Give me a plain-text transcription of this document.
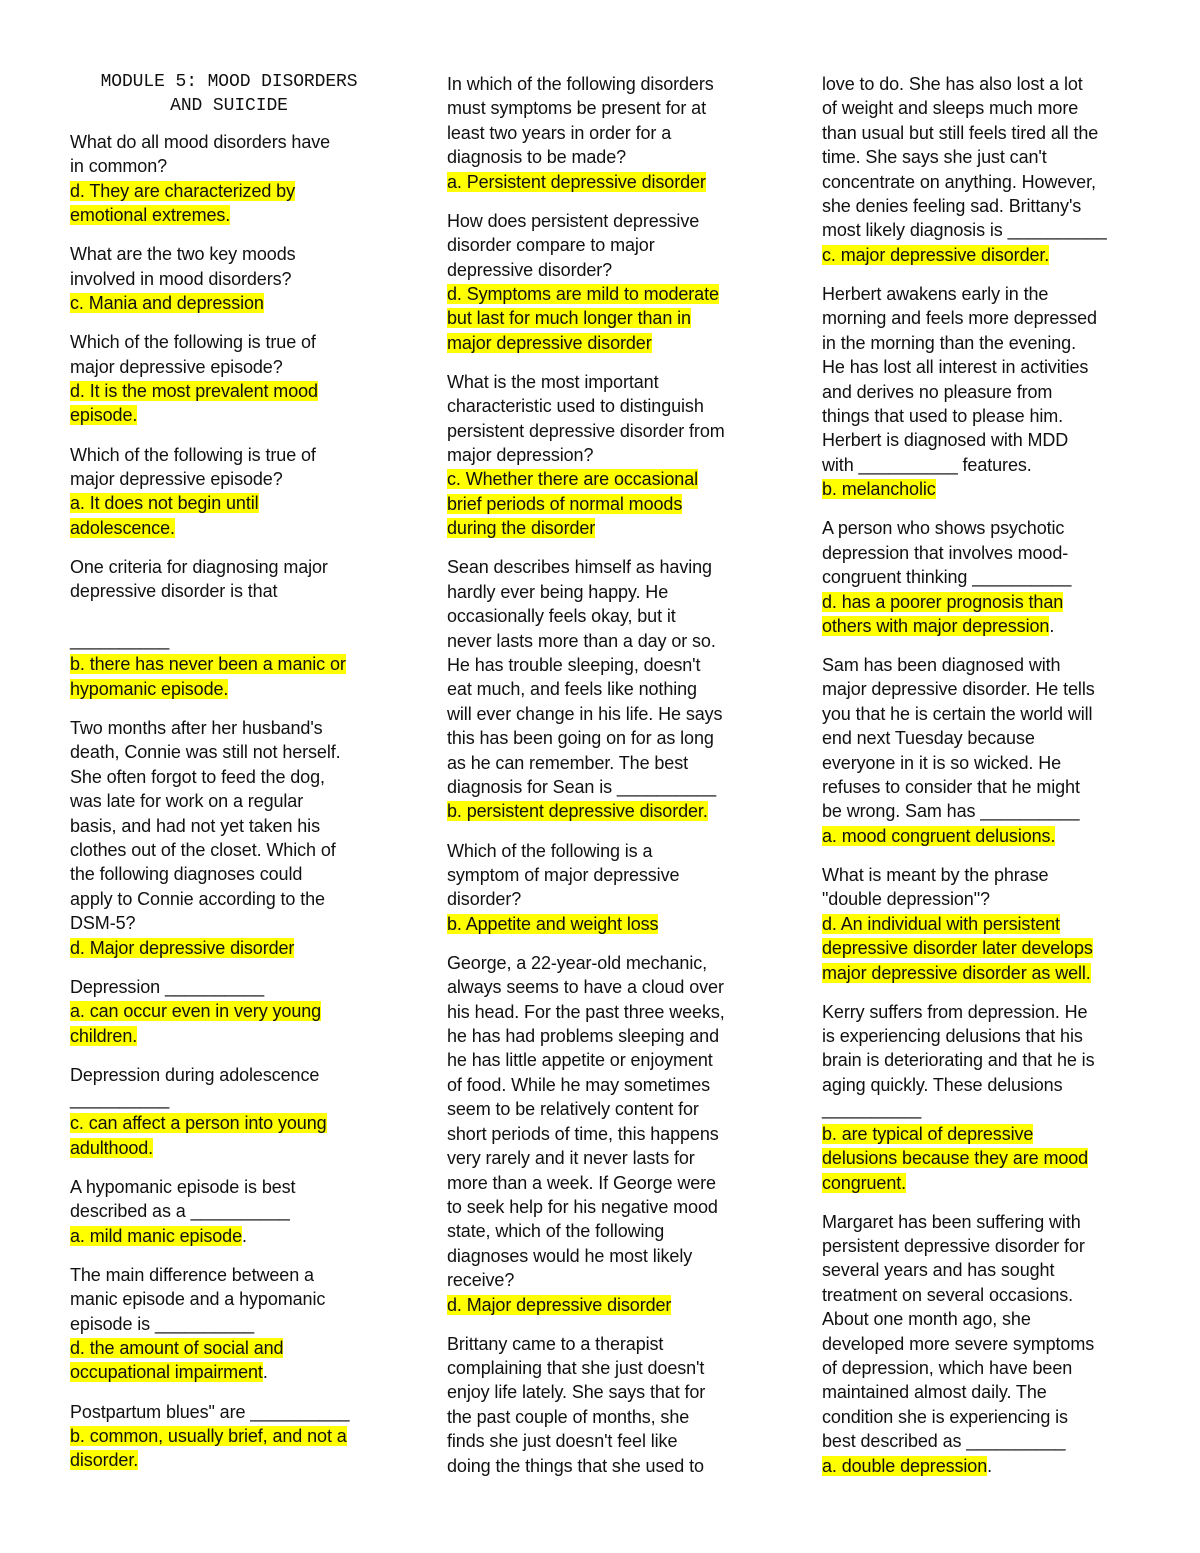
MODULE 5: MOOD DISORDERS
AND SUICIDE
What do all mood disorders have
in common?
d. They are characterized by
emotional extremes.
What are the two key moods
involved in mood disorders?
c. Mania and depression
Which of the following is true of
major depressive episode?
d. It is the most prevalent mood
episode.
Which of the following is true of
major depressive episode?
a. It does not begin until
adolescence.
One criteria for diagnosing major
depressive disorder is that

__________
b. there has never been a manic or
hypomanic episode.
Two months after her husband's
death, Connie was still not herself.
She often forgot to feed the dog,
was late for work on a regular
basis, and had not yet taken his
clothes out of the closet. Which of
the following diagnoses could
apply to Connie according to the
DSM-5?
d. Major depressive disorder
Depression __________
a. can occur even in very young
children.
Depression during adolescence
__________
c. can affect a person into young
adulthood.
A hypomanic episode is best
described as a __________
a. mild manic episode.
The main difference between a
manic episode and a hypomanic
episode is __________
d. the amount of social and
occupational impairment.
Postpartum blues" are __________
b. common, usually brief, and not a
disorder.
In which of the following disorders
must symptoms be present for at
least two years in order for a
diagnosis to be made?
a. Persistent depressive disorder
How does persistent depressive
disorder compare to major
depressive disorder?
d. Symptoms are mild to moderate
but last for much longer than in
major depressive disorder
What is the most important
characteristic used to distinguish
persistent depressive disorder from
major depression?
c. Whether there are occasional
brief periods of normal moods
during the disorder
Sean describes himself as having
hardly ever being happy. He
occasionally feels okay, but it
never lasts more than a day or so.
He has trouble sleeping, doesn't
eat much, and feels like nothing
will ever change in his life. He says
this has been going on for as long
as he can remember. The best
diagnosis for Sean is __________
b. persistent depressive disorder.
Which of the following is a
symptom of major depressive
disorder?
b. Appetite and weight loss
George, a 22-year-old mechanic,
always seems to have a cloud over
his head. For the past three weeks,
he has had problems sleeping and
he has little appetite or enjoyment
of food. While he may sometimes
seem to be relatively content for
short periods of time, this happens
very rarely and it never lasts for
more than a week. If George were
to seek help for his negative mood
state, which of the following
diagnoses would he most likely
receive?
d. Major depressive disorder
Brittany came to a therapist
complaining that she just doesn't
enjoy life lately. She says that for
the past couple of months, she
finds she just doesn't feel like
doing the things that she used to
love to do. She has also lost a lot
of weight and sleeps much more
than usual but still feels tired all the
time. She says she just can't
concentrate on anything. However,
she denies feeling sad. Brittany's
most likely diagnosis is __________
c. major depressive disorder.
Herbert awakens early in the
morning and feels more depressed
in the morning than the evening.
He has lost all interest in activities
and derives no pleasure from
things that used to please him.
Herbert is diagnosed with MDD
with __________ features.
b. melancholic
A person who shows psychotic
depression that involves mood-
congruent thinking __________
d. has a poorer prognosis than
others with major depression.
Sam has been diagnosed with
major depressive disorder. He tells
you that he is certain the world will
end next Tuesday because
everyone in it is so wicked. He
refuses to consider that he might
be wrong. Sam has __________
a. mood congruent delusions.
What is meant by the phrase
"double depression"?
d. An individual with persistent
depressive disorder later develops
major depressive disorder as well.
Kerry suffers from depression. He
is experiencing delusions that his
brain is deteriorating and that he is
aging quickly. These delusions
__________
b. are typical of depressive
delusions because they are mood
congruent.
Margaret has been suffering with
persistent depressive disorder for
several years and has sought
treatment on several occasions.
About one month ago, she
developed more severe symptoms
of depression, which have been
maintained almost daily. The
condition she is experiencing is
best described as __________
a. double depression.
